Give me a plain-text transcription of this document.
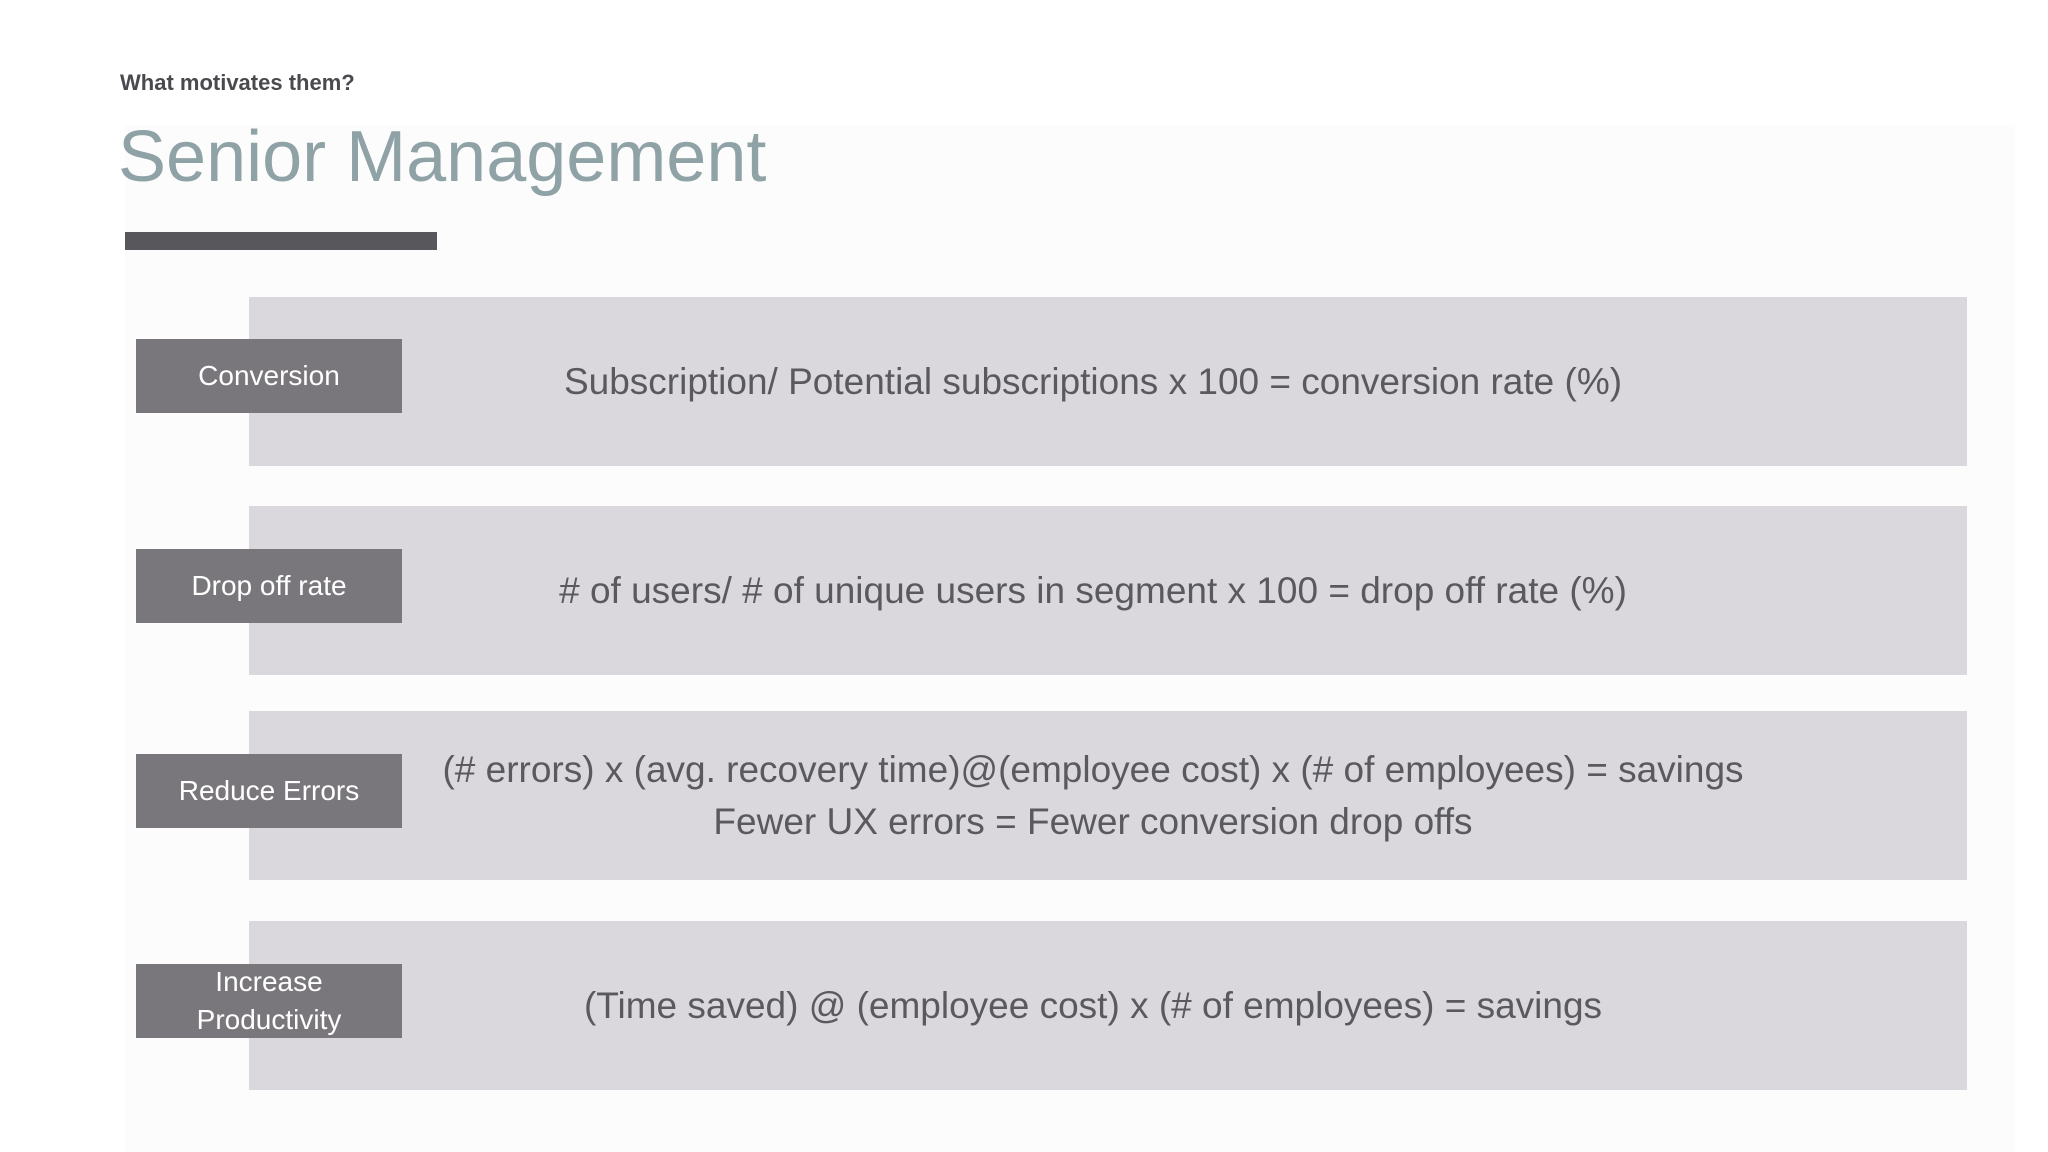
What motivates them?
Senior Management
Subscription/ Potential subscriptions x 100 = conversion rate (%)
Conversion
# of users/ # of unique users in segment x 100 = drop off rate (%)
Drop off rate
(# errors) x (avg. recovery time)@(employee cost) x (# of employees) = savings
Fewer UX errors = Fewer conversion drop offs
Reduce Errors
(Time saved) @ (employee cost) x (# of employees) = savings
Increase
Productivity
